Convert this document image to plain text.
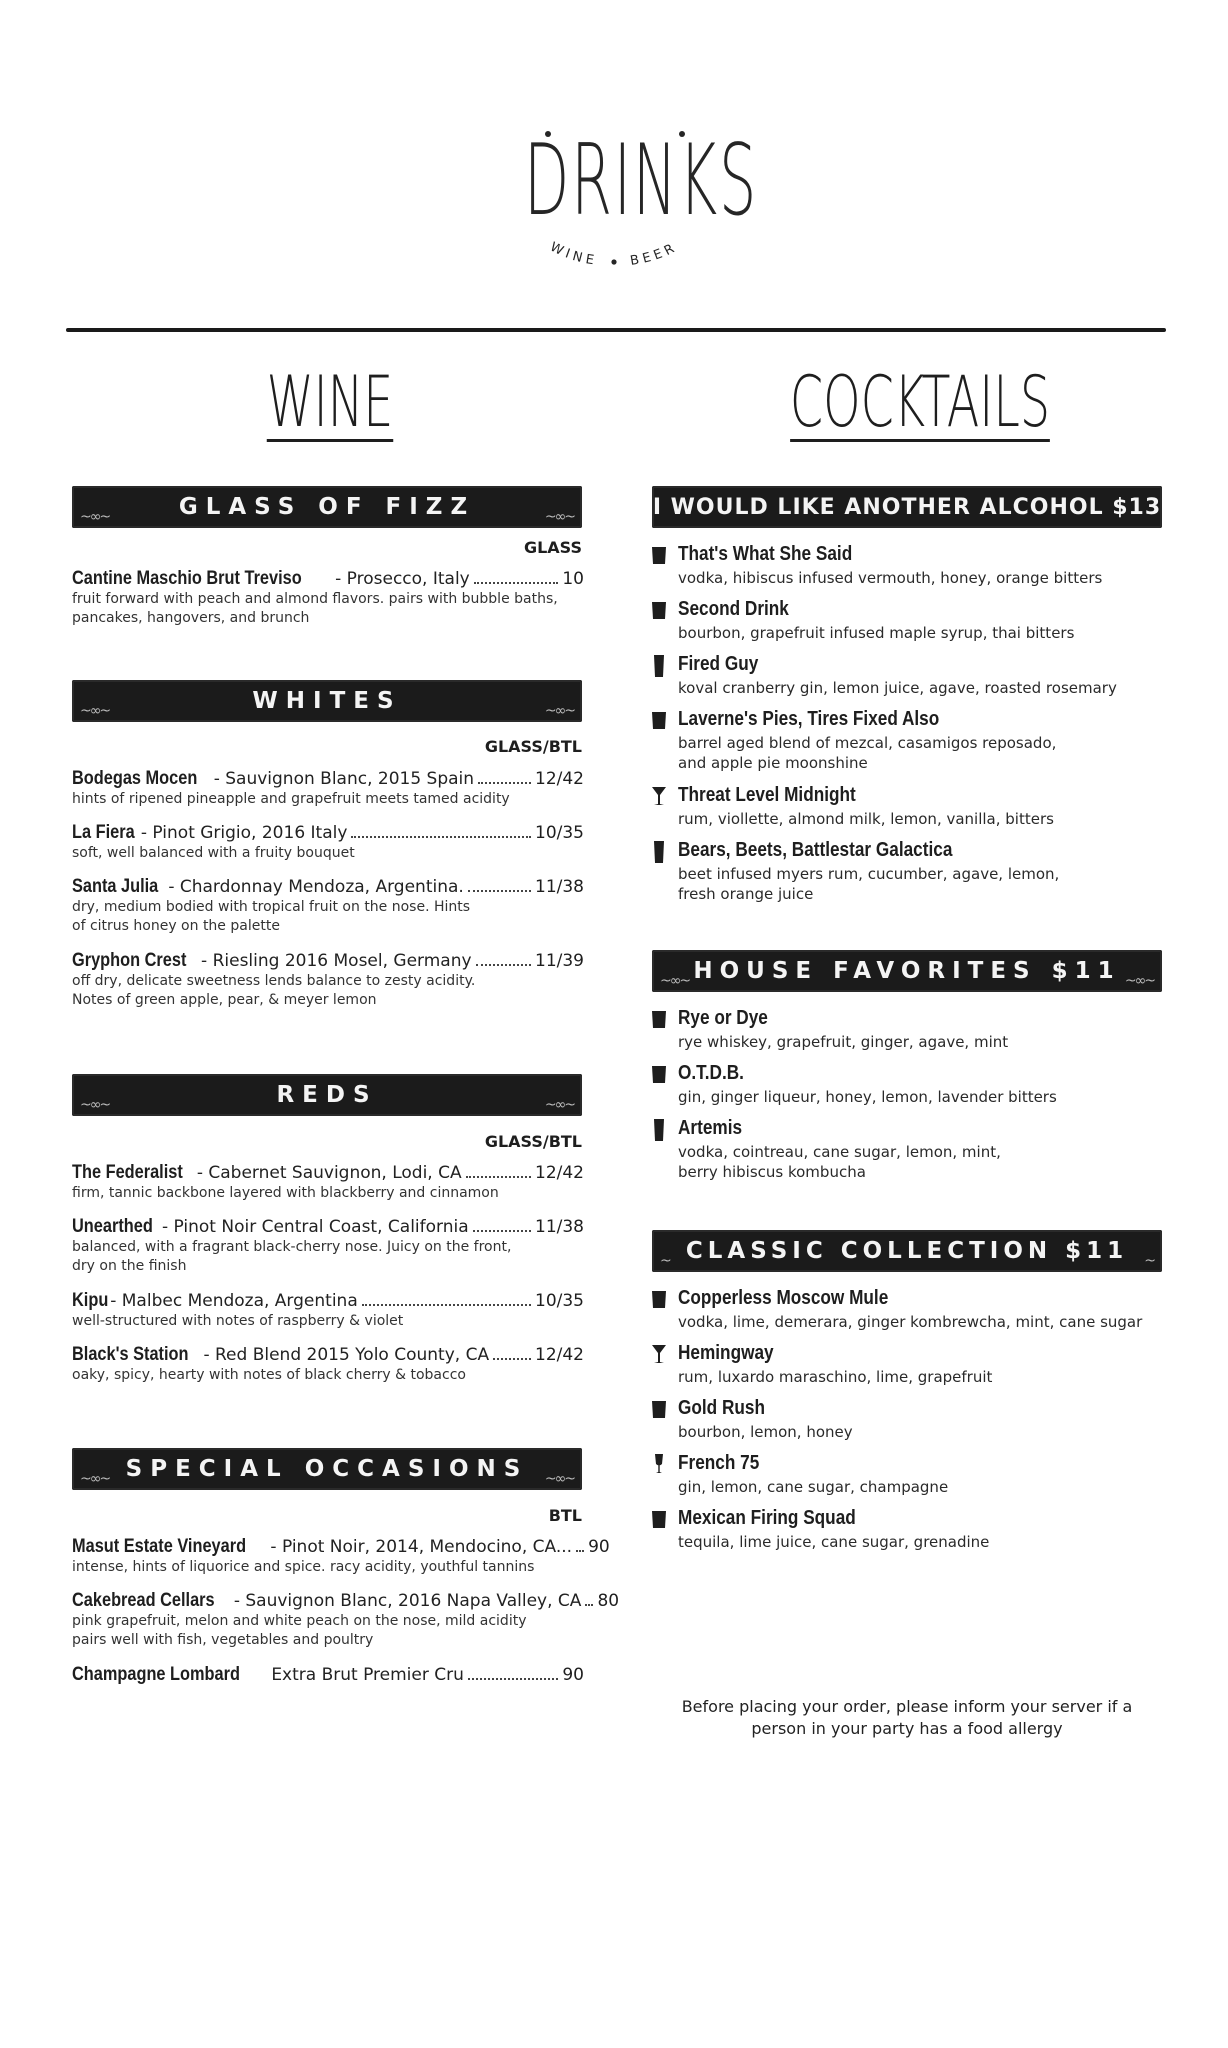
WINE BEER
DRINKS
WINE	COCKTAILS
~∞~	GLASS OF FIZZ	~∞~
GLASS
Cantine Maschio Brut Treviso - Prosecco, Italy	10
fruit forward with peach and almond flavors. pairs with bubble baths, pancakes, hangovers, and brunch
~∞~	WHITES	~∞~
GLASS/BTL
Bodegas Mocen - Sauvignon Blanc, 2015 Spain	12/42
hints of ripened pineapple and grapefruit meets tamed acidity
La Fiera - Pinot Grigio, 2016 Italy	10/35
soft, well balanced with a fruity bouquet
Santa Julia - Chardonnay Mendoza, Argentina.	11/38
dry, medium bodied with tropical fruit on the nose. Hints of citrus honey on the palette
Gryphon Crest - Riesling 2016 Mosel, Germany	11/39
off dry, delicate sweetness lends balance to zesty acidity. Notes of green apple, pear, & meyer lemon
~∞~	REDS	~∞~
GLASS/BTL
The Federalist - Cabernet Sauvignon, Lodi, CA	12/42
firm, tannic backbone layered with blackberry and cinnamon
Unearthed - Pinot Noir Central Coast, California	11/38
balanced, with a fragrant black-cherry nose. Juicy on the front, dry on the finish
Kipu - Malbec Mendoza, Argentina	10/35
well-structured with notes of raspberry & violet
Black's Station - Red Blend 2015 Yolo County, CA	12/42
oaky, spicy, hearty with notes of black cherry & tobacco
~∞~ SPECIAL OCCASIONS ~∞~
BTL
Masut Estate Vineyard - Pinot Noir, 2014, Mendocino, CA... 90
intense, hints of liquorice and spice. racy acidity, youthful tannins
Cakebread Cellars - Sauvignon Blanc, 2016 Napa Valley, CA 80
pink grapefruit, melon and white peach on the nose, mild acidity pairs well with fish, vegetables and poultry
Champagne Lombard Extra Brut Premier Cru	90
I WOULD LIKE ANOTHER ALCOHOL $13
That's What She Said
vodka, hibiscus infused vermouth, honey, orange bitters
Second Drink
bourbon, grapefruit infused maple syrup, thai bitters
Fired Guy
koval cranberry gin, lemon juice, agave, roasted rosemary
Laverne's Pies, Tires Fixed Also
barrel aged blend of mezcal, casamigos reposado, and apple pie moonshine
Threat Level Midnight
rum, viollette, almond milk, lemon, vanilla, bitters
Bears, Beets, Battlestar Galactica
beet infused myers rum, cucumber, agave, lemon, fresh orange juice
~∞~ HOUSE FAVORITES $11 ~∞~
Rye or Dye
rye whiskey, grapefruit, ginger, agave, mint
O.T.D.B.
gin, ginger liqueur, honey, lemon, lavender bitters
Artemis
vodka, cointreau, cane sugar, lemon, mint, berry hibiscus kombucha
~ CLASSIC COLLECTION $11 ~
Copperless Moscow Mule
vodka, lime, demerara, ginger kombrewcha, mint, cane sugar
Hemingway
rum, luxardo maraschino, lime, grapefruit
Gold Rush
bourbon, lemon, honey
French 75
gin, lemon, cane sugar, champagne
Mexican Firing Squad
tequila, lime juice, cane sugar, grenadine
Before placing your order, please inform your server if a person in your party has a food allergy
